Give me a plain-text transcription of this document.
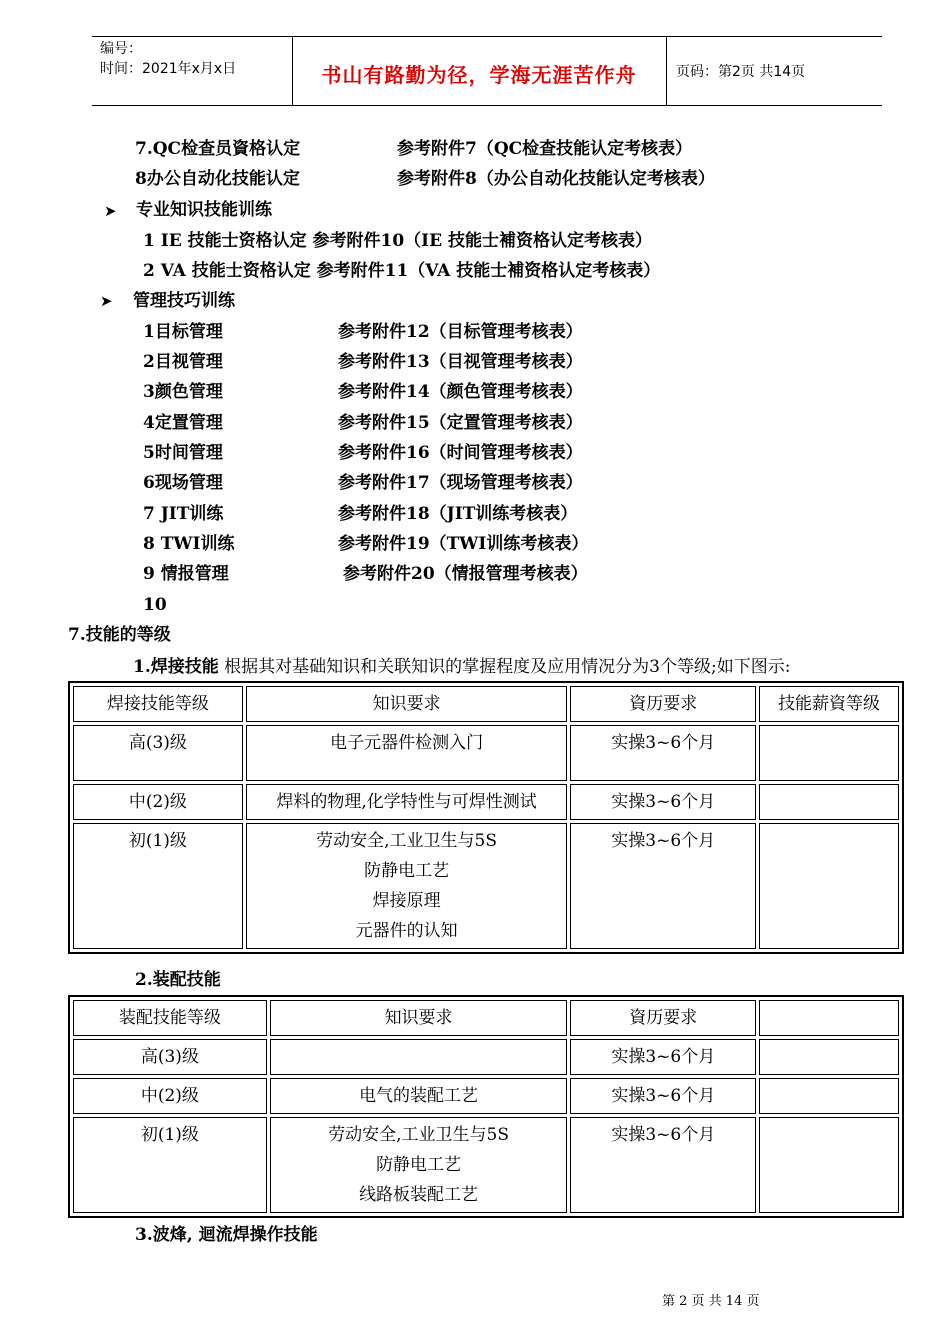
编号：
时间：2021年x月x日	书山有路勤为径，学海无涯苦作舟	页码：第2页 共14页
7.QC检查员資格认定	参考附件7（QC检查技能认定考核表）
8办公自动化技能认定	参考附件8（办公自动化技能认定考核表）
➤ 专业知识技能训练
1 IE 技能士资格认定 参考附件10（IE 技能士補资格认定考核表）
2 VA 技能士资格认定 参考附件11（VA 技能士補资格认定考核表）
➤ 管理技巧训练
1目标管理	参考附件12（目标管理考核表）
2目视管理	参考附件13（目视管理考核表）
3颜色管理	参考附件14（颜色管理考核表）
4定置管理	参考附件15（定置管理考核表）
5时间管理	参考附件16（时间管理考核表）
6现场管理	参考附件17（现场管理考核表）
7 JIT训练	参考附件18（JIT训练考核表）
8 TWI训练	参考附件19（TWI训练考核表）
9 情报管理	参考附件20（情报管理考核表）
10
7.技能的等级
1.焊接技能 根据其对基础知识和关联知识的掌握程度及应用情况分为3个等级;如下图示:
焊接技能等级	知识要求	資历要求	技能薪資等级
高(3)级	电子元器件检测入门	实操3~6个月	
中(2)级	焊料的物理,化学特性与可焊性测试	实操3~6个月	
初(1)级	劳动安全,工业卫生与5S
防静电工艺
焊接原理
元器件的认知	实操3~6个月	
2.装配技能
装配技能等级	知识要求	資历要求	
高(3)级		实操3~6个月	
中(2)级	电气的装配工艺	实操3~6个月	
初(1)级	劳动安全,工业卫生与5S
防静电工艺
线路板装配工艺	实操3~6个月	
3.波烽, 迴流焊操作技能
第 2 页 共 14 页
